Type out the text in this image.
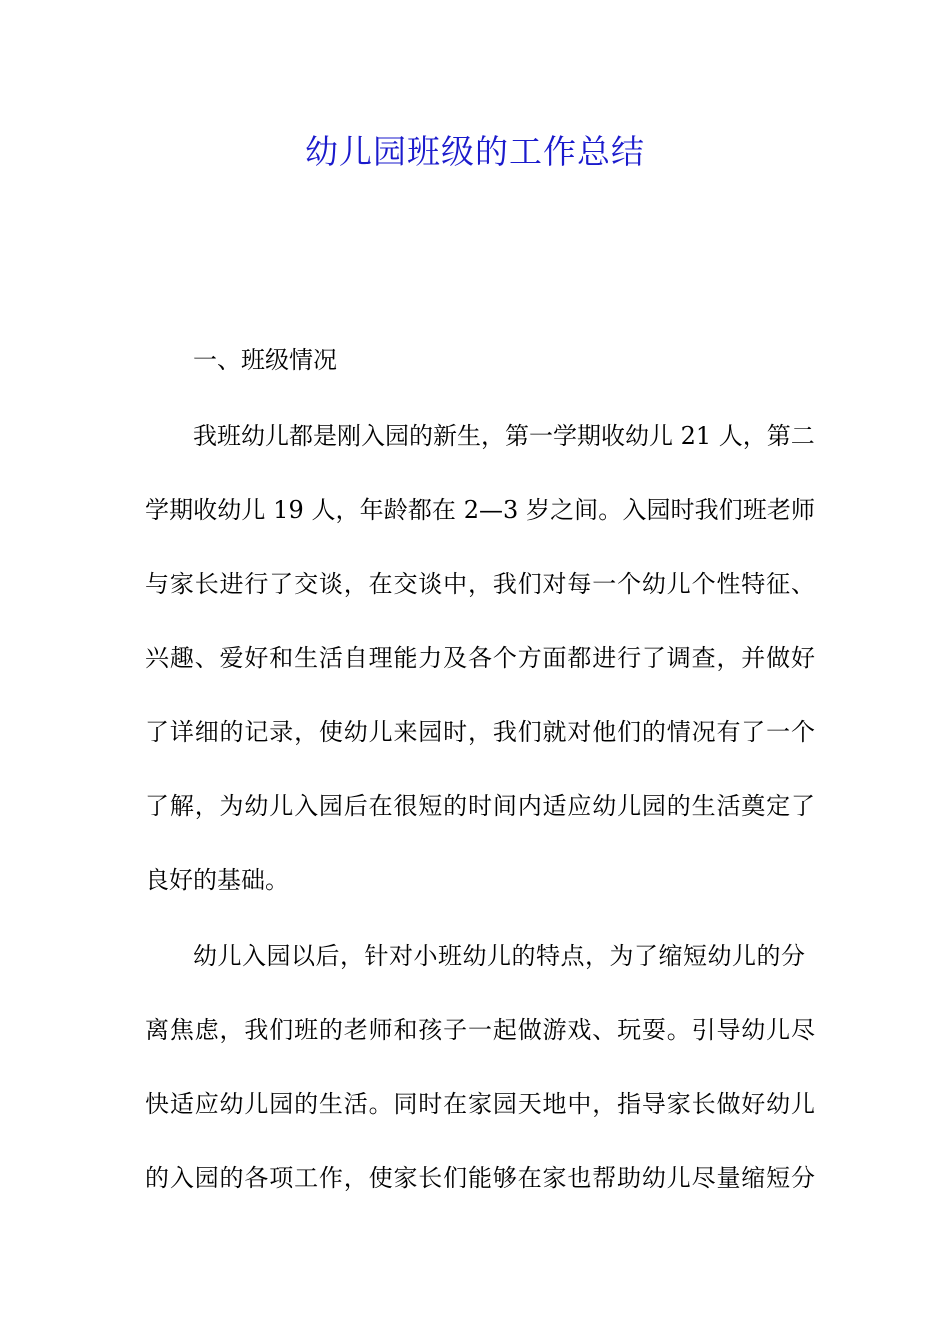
幼儿园班级的工作总结
一、班级情况
我班幼儿都是刚入园的新生，第一学期收幼儿 21 人，第二
学期收幼儿 19 人，年龄都在 2—3 岁之间。入园时我们班老师
与家长进行了交谈，在交谈中，我们对每一个幼儿个性特征、
兴趣、爱好和生活自理能力及各个方面都进行了调查，并做好
了详细的记录，使幼儿来园时，我们就对他们的情况有了一个
了解，为幼儿入园后在很短的时间内适应幼儿园的生活奠定了
良好的基础。
幼儿入园以后，针对小班幼儿的特点，为了缩短幼儿的分
离焦虑，我们班的老师和孩子一起做游戏、玩耍。引导幼儿尽
快适应幼儿园的生活。同时在家园天地中，指导家长做好幼儿
的入园的各项工作，使家长们能够在家也帮助幼儿尽量缩短分
